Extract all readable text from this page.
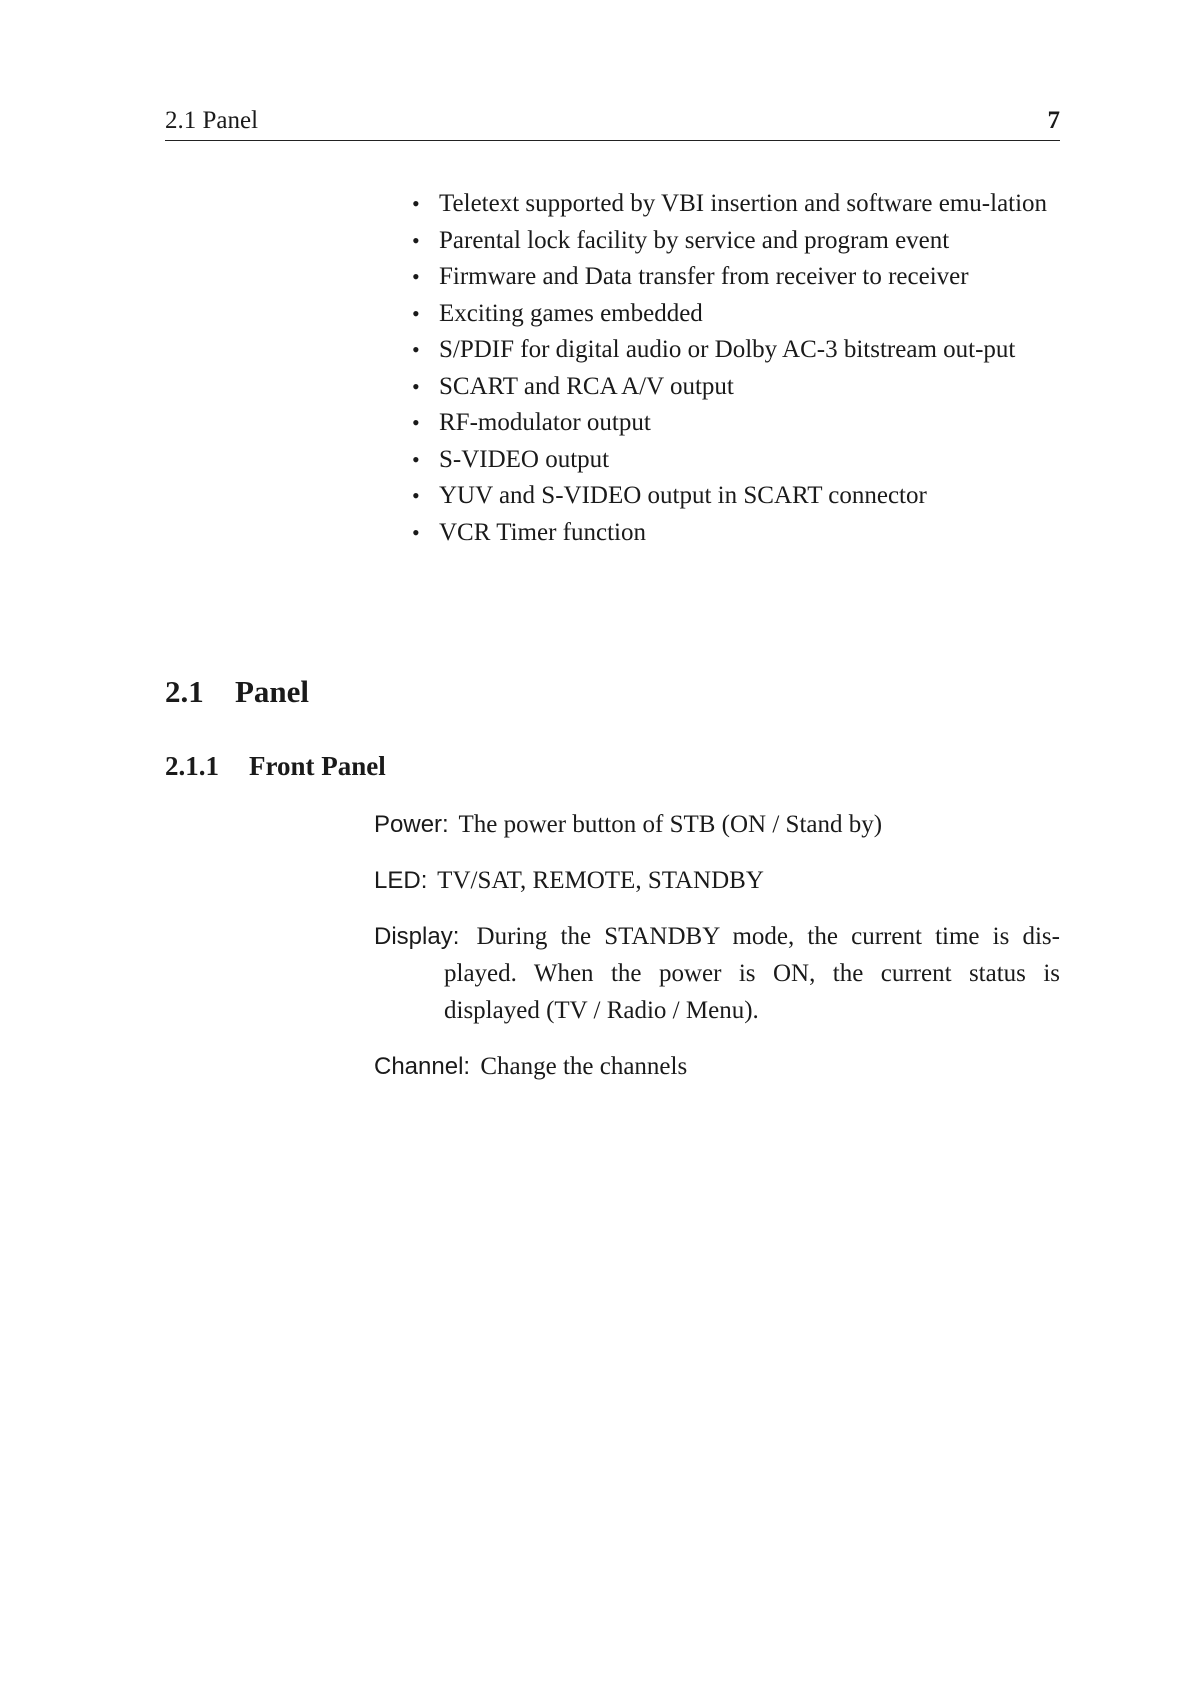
2.1 Panel	7
• Teletext supported by VBI insertion and software emu-lation
• Parental lock facility by service and program event
• Firmware and Data transfer from receiver to receiver
• Exciting games embedded
• S/PDIF for digital audio or Dolby AC-3 bitstream out-put
• SCART and RCA A/V output
• RF-modulator output
• S-VIDEO output
• YUV and S-VIDEO output in SCART connector
• VCR Timer function
2.1 Panel
2.1.1 Front Panel
Power: The power button of STB (ON / Stand by)
LED: TV/SAT, REMOTE, STANDBY
Display: During the STANDBY mode, the current time is dis-played. When the power is ON, the current status is displayed (TV / Radio / Menu).
Channel: Change the channels
